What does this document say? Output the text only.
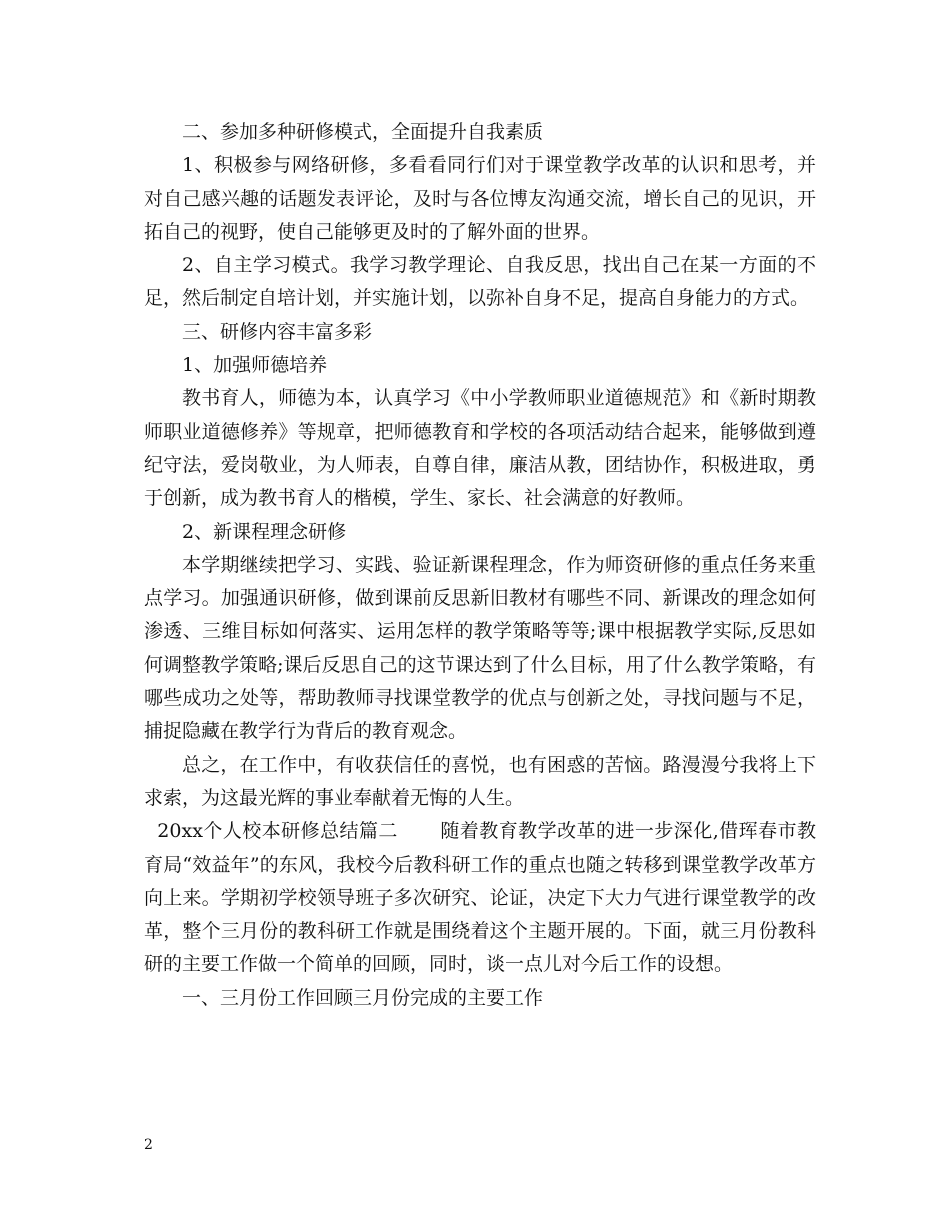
二、参加多种研修模式，全面提升自我素质

1、积极参与网络研修，多看看同行们对于课堂教学改革的认识和思考，并对自己感兴趣的话题发表评论，及时与各位博友沟通交流，增长自己的见识，开拓自己的视野，使自己能够更及时的了解外面的世界。

2、自主学习模式。我学习教学理论、自我反思，找出自己在某一方面的不足，然后制定自培计划，并实施计划，以弥补自身不足，提高自身能力的方式。

三、研修内容丰富多彩

1、加强师德培养

教书育人，师德为本，认真学习《中小学教师职业道德规范》和《新时期教师职业道德修养》等规章，把师德教育和学校的各项活动结合起来，能够做到遵纪守法，爱岗敬业，为人师表，自尊自律，廉洁从教，团结协作，积极进取，勇于创新，成为教书育人的楷模，学生、家长、社会满意的好教师。

2、新课程理念研修

本学期继续把学习、实践、验证新课程理念，作为师资研修的重点任务来重点学习。加强通识研修，做到课前反思新旧教材有哪些不同、新课改的理念如何渗透、三维目标如何落实、运用怎样的教学策略等等;课中根据教学实际,反思如何调整教学策略;课后反思自己的这节课达到了什么目标，用了什么教学策略，有哪些成功之处等，帮助教师寻找课堂教学的优点与创新之处，寻找问题与不足，捕捉隐藏在教学行为背后的教育观念。

总之，在工作中，有收获信任的喜悦，也有困惑的苦恼。路漫漫兮我将上下求索，为这最光辉的事业奉献着无悔的人生。

20xx个人校本研修总结篇二 随着教育教学改革的进一步深化,借珲春市教育局“效益年”的东风，我校今后教科研工作的重点也随之转移到课堂教学改革方向上来。学期初学校领导班子多次研究、论证，决定下大力气进行课堂教学的改革，整个三月份的教科研工作就是围绕着这个主题开展的。下面，就三月份教科研的主要工作做一个简单的回顾，同时，谈一点儿对今后工作的设想。

一、三月份工作回顾三月份完成的主要工作

2
